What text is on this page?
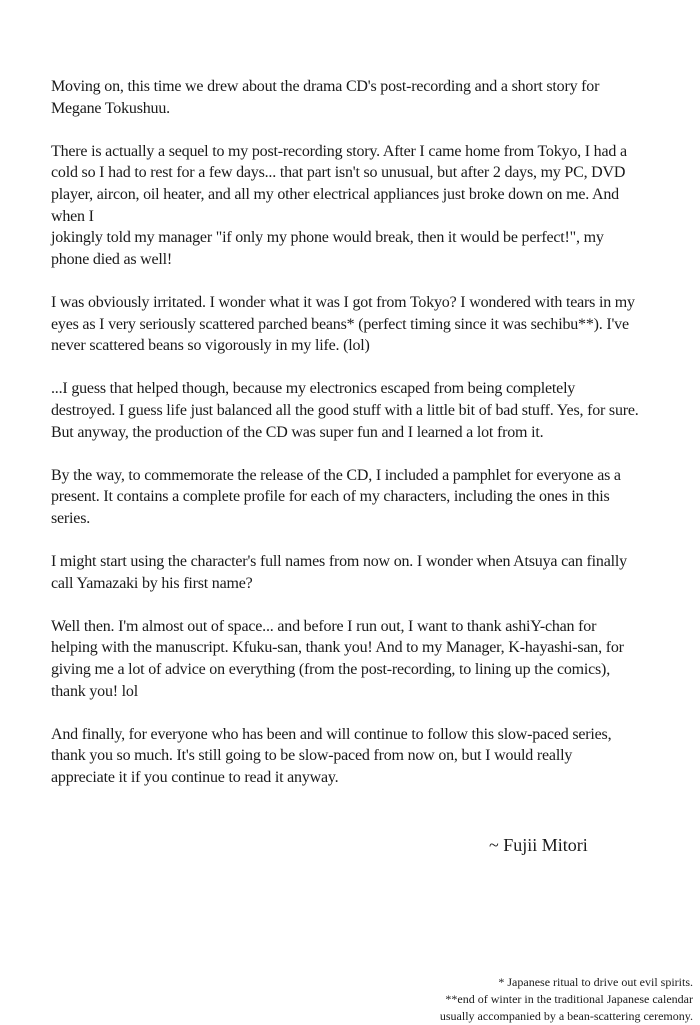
Moving on, this time we drew about the drama CD's post-recording and a short story for
Megane Tokushuu.

There is actually a sequel to my post-recording story. After I came home from Tokyo, I had a
cold so I had to rest for a few days... that part isn't so unusual, but after 2 days, my PC, DVD
player, aircon, oil heater, and all my other electrical appliances just broke down on me. And
when I
jokingly told my manager "if only my phone would break, then it would be perfect!", my
phone died as well!

I was obviously irritated. I wonder what it was I got from Tokyo? I wondered with tears in my
eyes as I very seriously scattered parched beans* (perfect timing since it was sechibu**). I've
never scattered beans so vigorously in my life. (lol)

...I guess that helped though, because my electronics escaped from being completely
destroyed. I guess life just balanced all the good stuff with a little bit of bad stuff. Yes, for sure.
But anyway, the production of the CD was super fun and I learned a lot from it.

By the way, to commemorate the release of the CD, I included a pamphlet for everyone as a
present. It contains a complete profile for each of my characters, including the ones in this
series.

I might start using the character's full names from now on. I wonder when Atsuya can finally
call Yamazaki by his first name?

Well then. I'm almost out of space... and before I run out, I want to thank ashiY-chan for
helping with the manuscript. Kfuku-san, thank you! And to my Manager, K-hayashi-san, for
giving me a lot of advice on everything (from the post-recording, to lining up the comics),
thank you! lol

And finally, for everyone who has been and will continue to follow this slow-paced series,
thank you so much. It's still going to be slow-paced from now on, but I would really
appreciate it if you continue to read it anyway.

~ Fujii Mitori
* Japanese ritual to drive out evil spirits.
**end of winter in the traditional Japanese calendar
usually accompanied by a bean-scattering ceremony.
